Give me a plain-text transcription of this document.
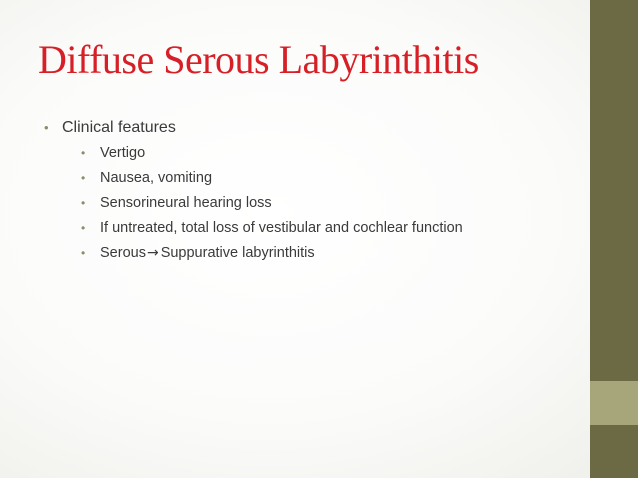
Diffuse Serous Labyrinthitis
• Clinical features
• Vertigo
• Nausea, vomiting
• Sensorineural hearing loss
• If untreated, total loss of vestibular and cochlear function
• Serous→ Suppurative labyrinthitis
